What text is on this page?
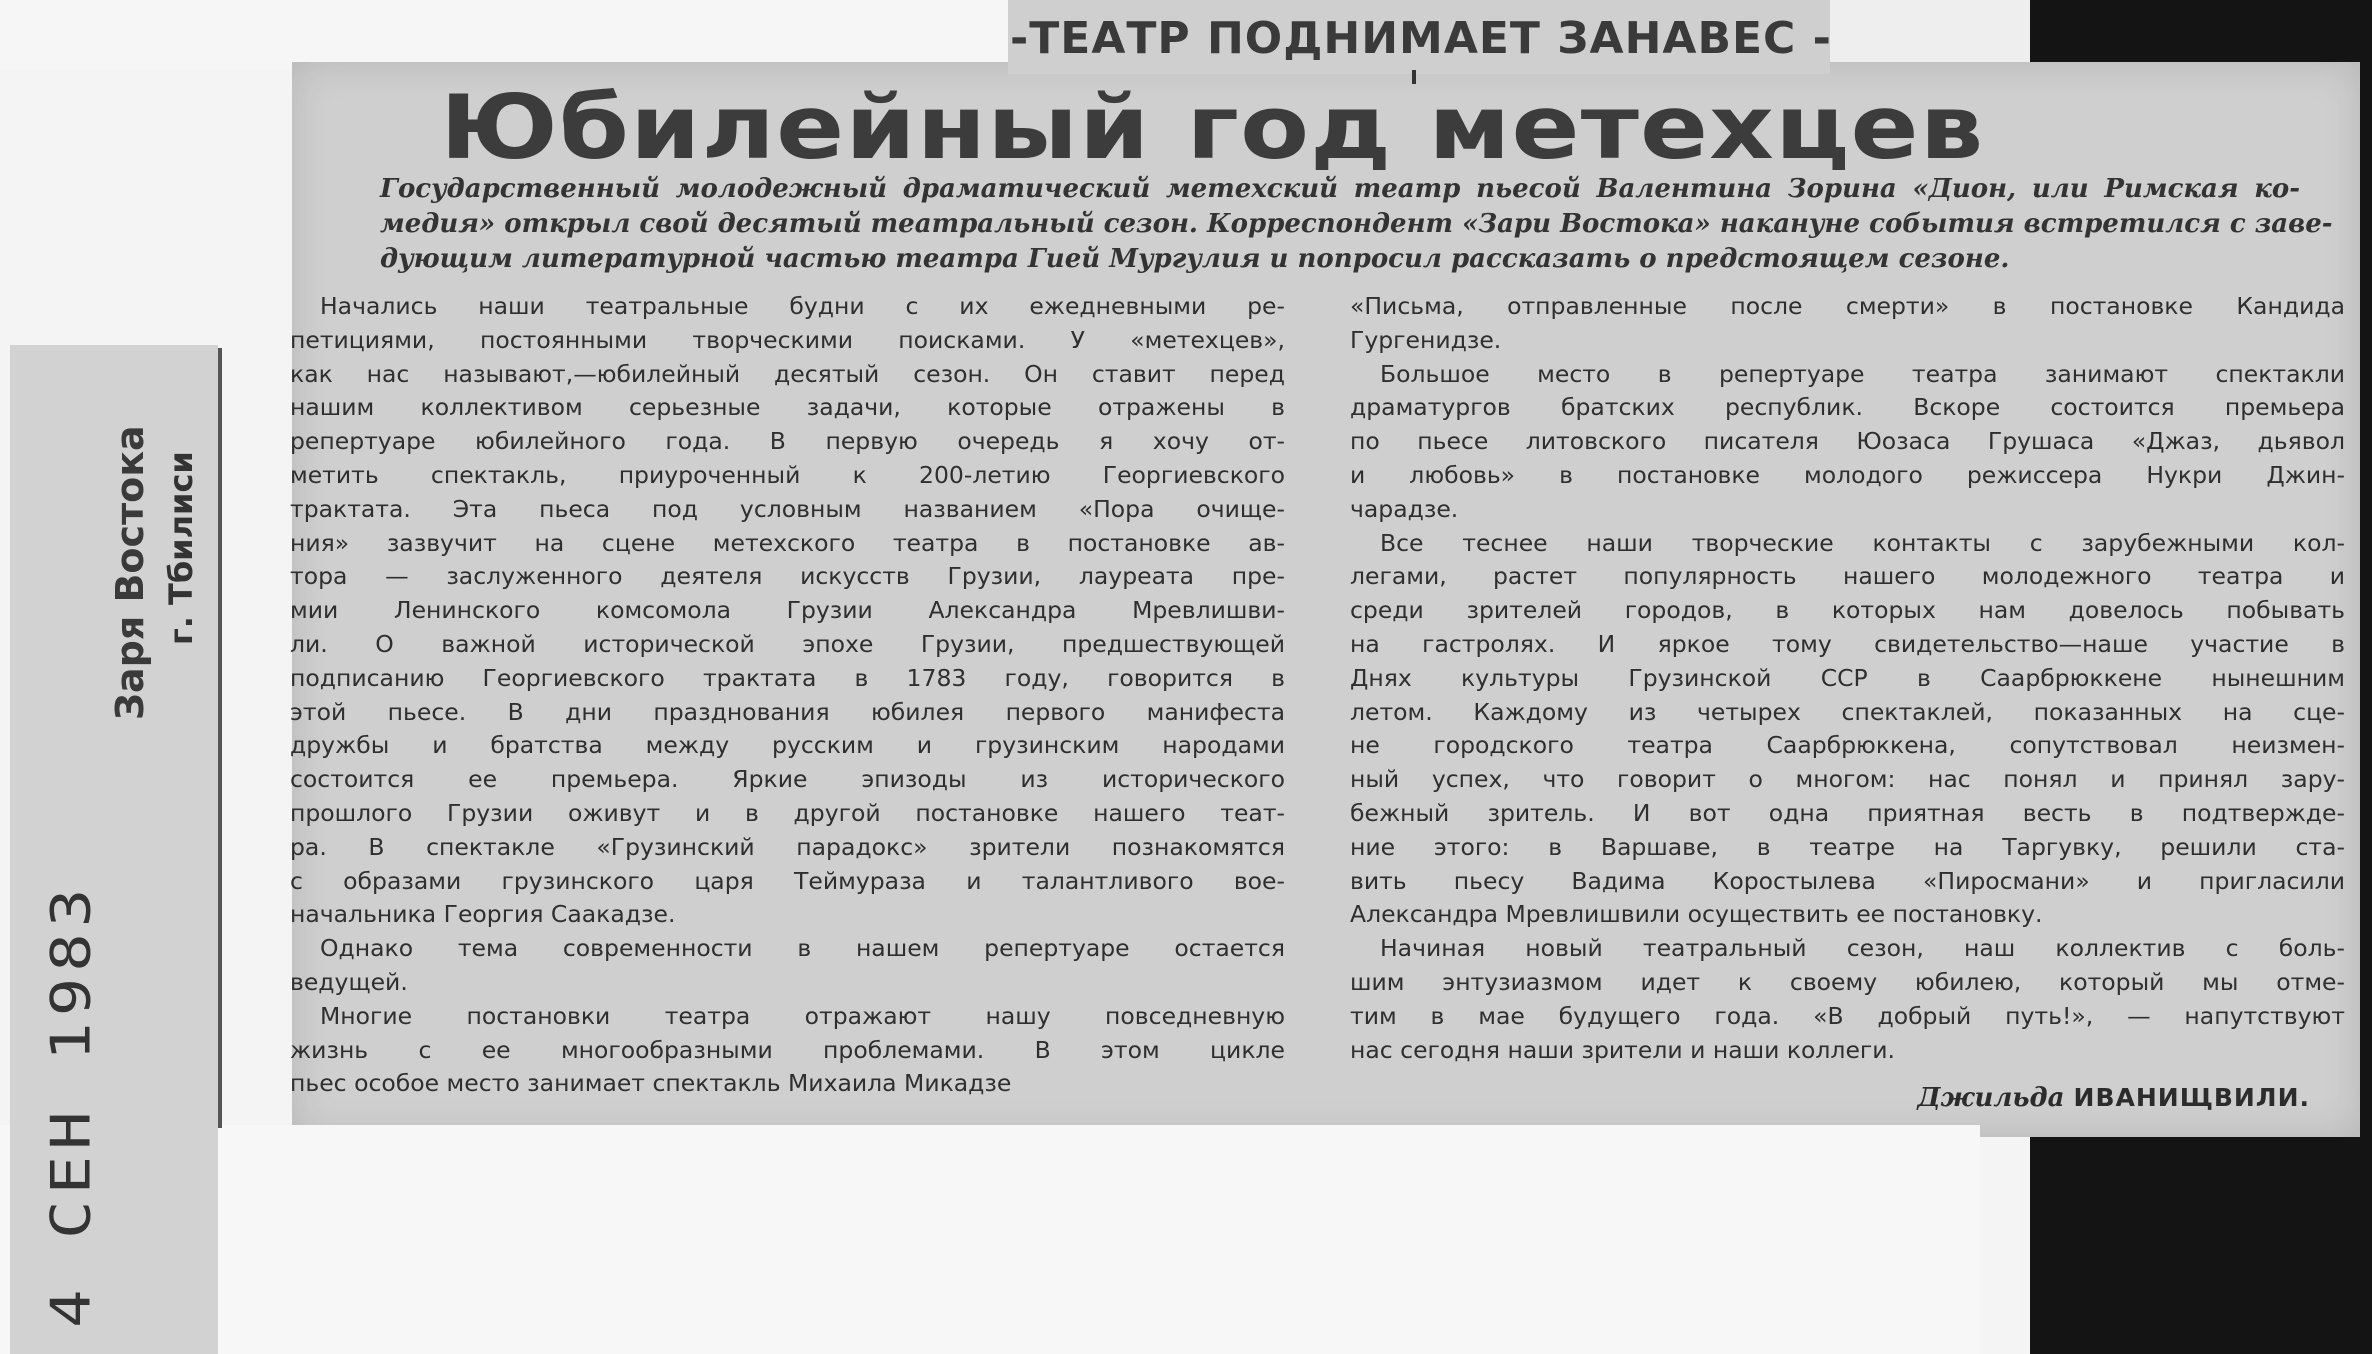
-ТЕАТР ПОДНИМАЕТ ЗАНАВЕС -
Юбилейный год метехцев
Государственный молодежный драматический метехский театр пьесой Валентина Зорина «Дион, или Римская ко-
медия» открыл свой десятый театральный сезон. Корреспондент «Зари Востока» накануне события встретился с заве-
дующим литературной частью театра Гией Мургулия и попросил рассказать о предстоящем сезоне.
Начались наши театральные будни с их ежедневными ре-
петициями, постоянными творческими поисками. У «метехцев»,
как нас называют,—юбилейный десятый сезон. Он ставит перед
нашим коллективом серьезные задачи, которые отражены в
репертуаре юбилейного года. В первую очередь я хочу от-
метить спектакль, приуроченный к 200-летию Георгиевского
трактата. Эта пьеса под условным названием «Пора очище-
ния» зазвучит на сцене метехского театра в постановке ав-
тора — заслуженного деятеля искусств Грузии, лауреата пре-
мии Ленинского комсомола Грузии Александра Мревлишви-
ли. О важной исторической эпохе Грузии, предшествующей
подписанию Георгиевского трактата в 1783 году, говорится в
этой пьесе. В дни празднования юбилея первого манифеста
дружбы и братства между русским и грузинским народами
состоится ее премьера. Яркие эпизоды из исторического
прошлого Грузии оживут и в другой постановке нашего теат-
ра. В спектакле «Грузинский парадокс» зрители познакомятся
с образами грузинского царя Теймураза и талантливого воe-
начальника Георгия Саакадзе.
Однако тема современности в нашем репертуаре остается
ведущей.
Многие постановки театра отражают нашу повседневную
жизнь с ее многообразными проблемами. В этом цикле
пьес особое место занимает спектакль Михаила Микадзе
«Письма, отправленные после смерти» в постановке Кандида
Гургенидзе.
Большое место в репертуаре театра занимают спектакли
драматургов братских республик. Вскоре состоится премьера
по пьесе литовского писателя Юозаса Грушаса «Джаз, дьявол
и любовь» в постановке молодого режиссера Нукри Джин-
чарадзе.
Все теснее наши творческие контакты с зарубежными кол-
легами, растет популярность нашего молодежного театра и
среди зрителей городов, в которых нам довелось побывать
на гастролях. И яркое тому свидетельство—наше участие в
Днях культуры Грузинской ССР в Саарбрюккене нынешним
летом. Каждому из четырех спектаклей, показанных на сце-
не городского театра Саарбрюккена, сопутствовал неизмен-
ный успех, что говорит о многом: нас понял и принял зару-
бежный зритель. И вот одна приятная весть в подтвержде-
ние этого: в Варшаве, в театре на Таргувку, решили ста-
вить пьесу Вадима Коростылева «Пиросмани» и пригласили
Александра Мревлишвили осуществить ее постановку.
Начиная новый театральный сезон, наш коллектив с боль-
шим энтузиазмом идет к своему юбилею, который мы отме-
тим в мае будущего года. «В добрый путь!», — напутствуют
нас сегодня наши зрители и наши коллеги.
Джильда ИВАНИЩВИЛИ.
